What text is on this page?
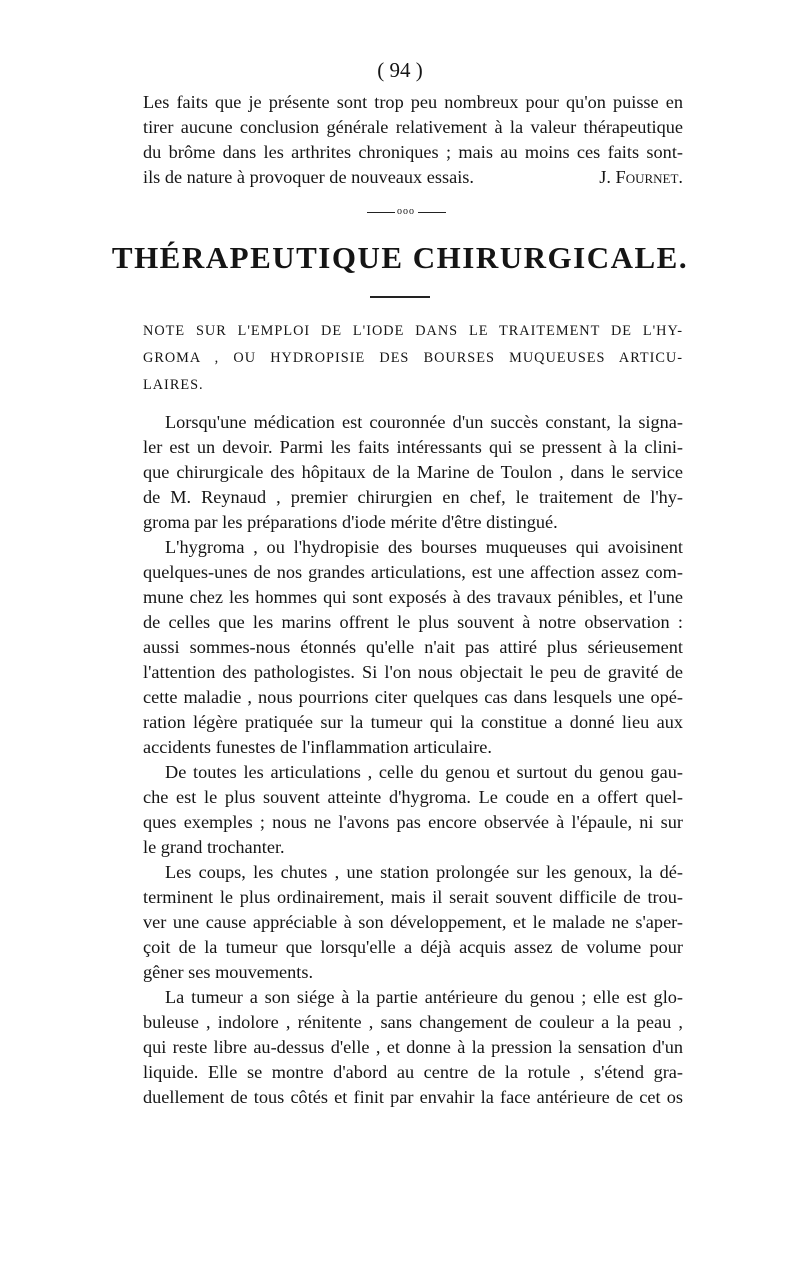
( 94 )
Les faits que je présente sont trop peu nombreux pour qu'on puisse en
tirer aucune conclusion générale relativement à la valeur thérapeutique
du brôme dans les arthrites chroniques ; mais au moins ces faits sont-
ils de nature à provoquer de nouveaux essais.	J. Fournet.
ooo
THÉRAPEUTIQUE CHIRURGICALE.
NOTE SUR L'EMPLOI DE L'IODE DANS LE TRAITEMENT DE L'HY-
GROMA , OU HYDROPISIE DES BOURSES MUQUEUSES ARTICU-
LAIRES.
Lorsqu'une médication est couronnée d'un succès constant, la signa-
ler est un devoir. Parmi les faits intéressants qui se pressent à la clini-
que chirurgicale des hôpitaux de la Marine de Toulon , dans le service
de M. Reynaud , premier chirurgien en chef, le traitement de l'hy-
groma par les préparations d'iode mérite d'être distingué.
L'hygroma , ou l'hydropisie des bourses muqueuses qui avoisinent
quelques-unes de nos grandes articulations, est une affection assez com-
mune chez les hommes qui sont exposés à des travaux pénibles, et l'une
de celles que les marins offrent le plus souvent à notre observation :
aussi sommes-nous étonnés qu'elle n'ait pas attiré plus sérieusement
l'attention des pathologistes. Si l'on nous objectait le peu de gravité de
cette maladie , nous pourrions citer quelques cas dans lesquels une opé-
ration légère pratiquée sur la tumeur qui la constitue a donné lieu aux
accidents funestes de l'inflammation articulaire.
De toutes les articulations , celle du genou et surtout du genou gau-
che est le plus souvent atteinte d'hygroma. Le coude en a offert quel-
ques exemples ; nous ne l'avons pas encore observée à l'épaule, ni sur
le grand trochanter.
Les coups, les chutes , une station prolongée sur les genoux, la dé-
terminent le plus ordinairement, mais il serait souvent difficile de trou-
ver une cause appréciable à son développement, et le malade ne s'aper-
çoit de la tumeur que lorsqu'elle a déjà acquis assez de volume pour
gêner ses mouvements.
La tumeur a son siége à la partie antérieure du genou ; elle est glo-
buleuse , indolore , rénitente , sans changement de couleur a la peau ,
qui reste libre au-dessus d'elle , et donne à la pression la sensation d'un
liquide. Elle se montre d'abord au centre de la rotule , s'étend gra-
duellement de tous côtés et finit par envahir la face antérieure de cet os
